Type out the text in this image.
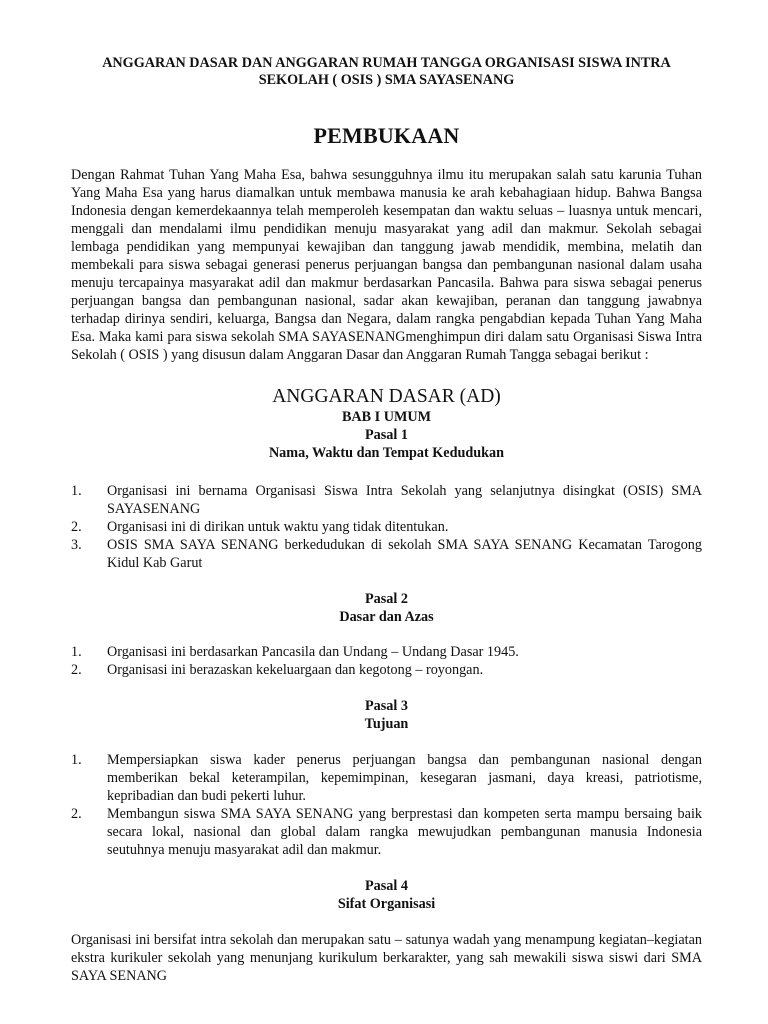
ANGGARAN DASAR DAN ANGGARAN RUMAH TANGGA ORGANISASI SISWA INTRA

SEKOLAH ( OSIS ) SMA SAYASENANG

PEMBUKAAN

Dengan Rahmat Tuhan Yang Maha Esa, bahwa sesungguhnya ilmu itu merupakan salah satu karunia Tuhan Yang Maha Esa yang harus diamalkan untuk membawa manusia ke arah kebahagiaan hidup. Bahwa Bangsa Indonesia dengan kemerdekaannya telah memperoleh kesempatan dan waktu seluas – luasnya untuk mencari, menggali dan mendalami ilmu pendidikan menuju masyarakat yang adil dan makmur. Sekolah sebagai lembaga pendidikan yang mempunyai kewajiban dan tanggung jawab mendidik, membina, melatih dan membekali para siswa sebagai generasi penerus perjuangan bangsa dan pembangunan nasional dalam usaha menuju tercapainya masyarakat adil dan makmur berdasarkan Pancasila. Bahwa para siswa sebagai penerus perjuangan bangsa dan pembangunan nasional, sadar akan kewajiban, peranan dan tanggung jawabnya terhadap dirinya sendiri, keluarga, Bangsa dan Negara, dalam rangka pengabdian kepada Tuhan Yang Maha Esa. Maka kami para siswa sekolah SMA SAYASENANGmenghimpun diri dalam satu Organisasi Siswa Intra Sekolah ( OSIS ) yang disusun dalam Anggaran Dasar dan Anggaran Rumah Tangga sebagai berikut :

ANGGARAN DASAR (AD)

BAB I UMUM

Pasal 1

Nama, Waktu dan Tempat Kedudukan

1. Organisasi ini bernama Organisasi Siswa Intra Sekolah yang selanjutnya disingkat (OSIS) SMA SAYASENANG
2. Organisasi ini di dirikan untuk waktu yang tidak ditentukan.
3. OSIS SMA SAYA SENANG berkedudukan di sekolah SMA SAYA SENANG Kecamatan Tarogong Kidul Kab Garut

Pasal 2

Dasar dan Azas

1. Organisasi ini berdasarkan Pancasila dan Undang – Undang Dasar 1945.
2. Organisasi ini berazaskan kekeluargaan dan kegotong – royongan.

Pasal 3

Tujuan

1. Mempersiapkan siswa kader penerus perjuangan bangsa dan pembangunan nasional dengan memberikan bekal keterampilan, kepemimpinan, kesegaran jasmani, daya kreasi, patriotisme, kepribadian dan budi pekerti luhur.
2. Membangun siswa SMA SAYA SENANG yang berprestasi dan kompeten serta mampu bersaing baik secara lokal, nasional dan global dalam rangka mewujudkan pembangunan manusia Indonesia seutuhnya menuju masyarakat adil dan makmur.

Pasal 4

Sifat Organisasi

Organisasi ini bersifat intra sekolah dan merupakan satu – satunya wadah yang menampung kegiatan–kegiatan ekstra kurikuler sekolah yang menunjang kurikulum berkarakter, yang sah mewakili siswa siswi dari SMA SAYA SENANG
